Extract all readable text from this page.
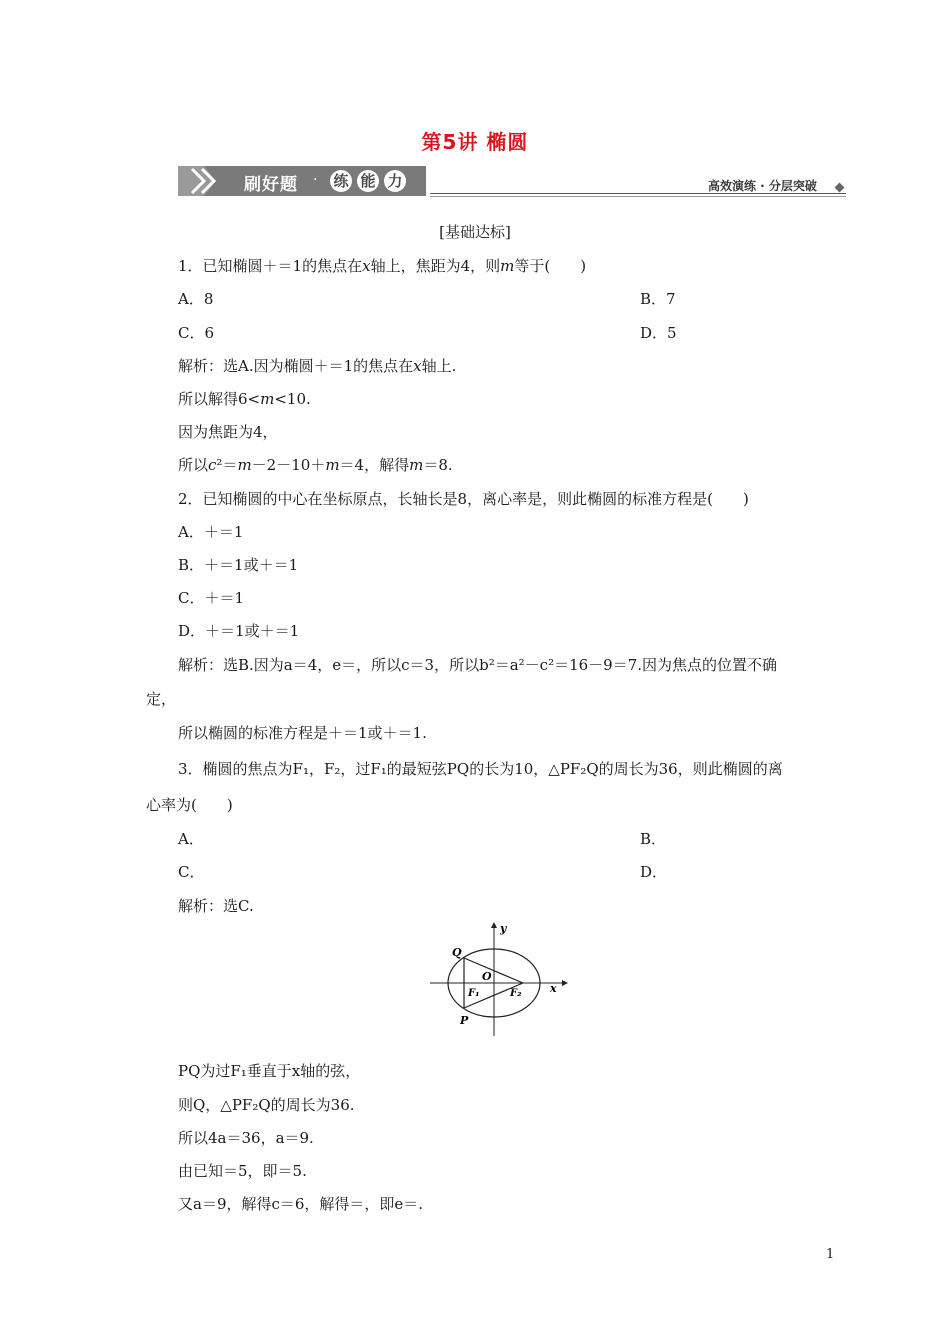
第5讲 椭圆
刷好题 · 练 能 力	高效演练 · 分层突破
[基础达标]
1．已知椭圆＋＝1的焦点在x轴上，焦距为4，则m等于(　　)
A．8	B．7
C．6	D．5
解析：选A.因为椭圆＋＝1的焦点在x轴上.
所以解得6<m<10.
因为焦距为4，
所以c²＝m－2－10＋m＝4，解得m＝8.
2．已知椭圆的中心在坐标原点，长轴长是8，离心率是，则此椭圆的标准方程是(　　)
A．＋＝1
B．＋＝1或＋＝1
C．＋＝1
D．＋＝1或＋＝1
解析：选B.因为a＝4，e＝，所以c＝3，所以b²＝a²－c²＝16－9＝7.因为焦点的位置不确
定，
所以椭圆的标准方程是＋＝1或＋＝1.
3．椭圆的焦点为F₁，F₂，过F₁的最短弦PQ的长为10，△PF₂Q的周长为36，则此椭圆的离
心率为(　　)
A．	B．
C．	D．
解析：选C.
y
x
Q
O
F₁	F₂
P
PQ为过F₁垂直于x轴的弦，
则Q，△PF₂Q的周长为36.
所以4a＝36，a＝9.
由已知＝5，即＝5.
又a＝9，解得c＝6，解得＝，即e＝.
1
